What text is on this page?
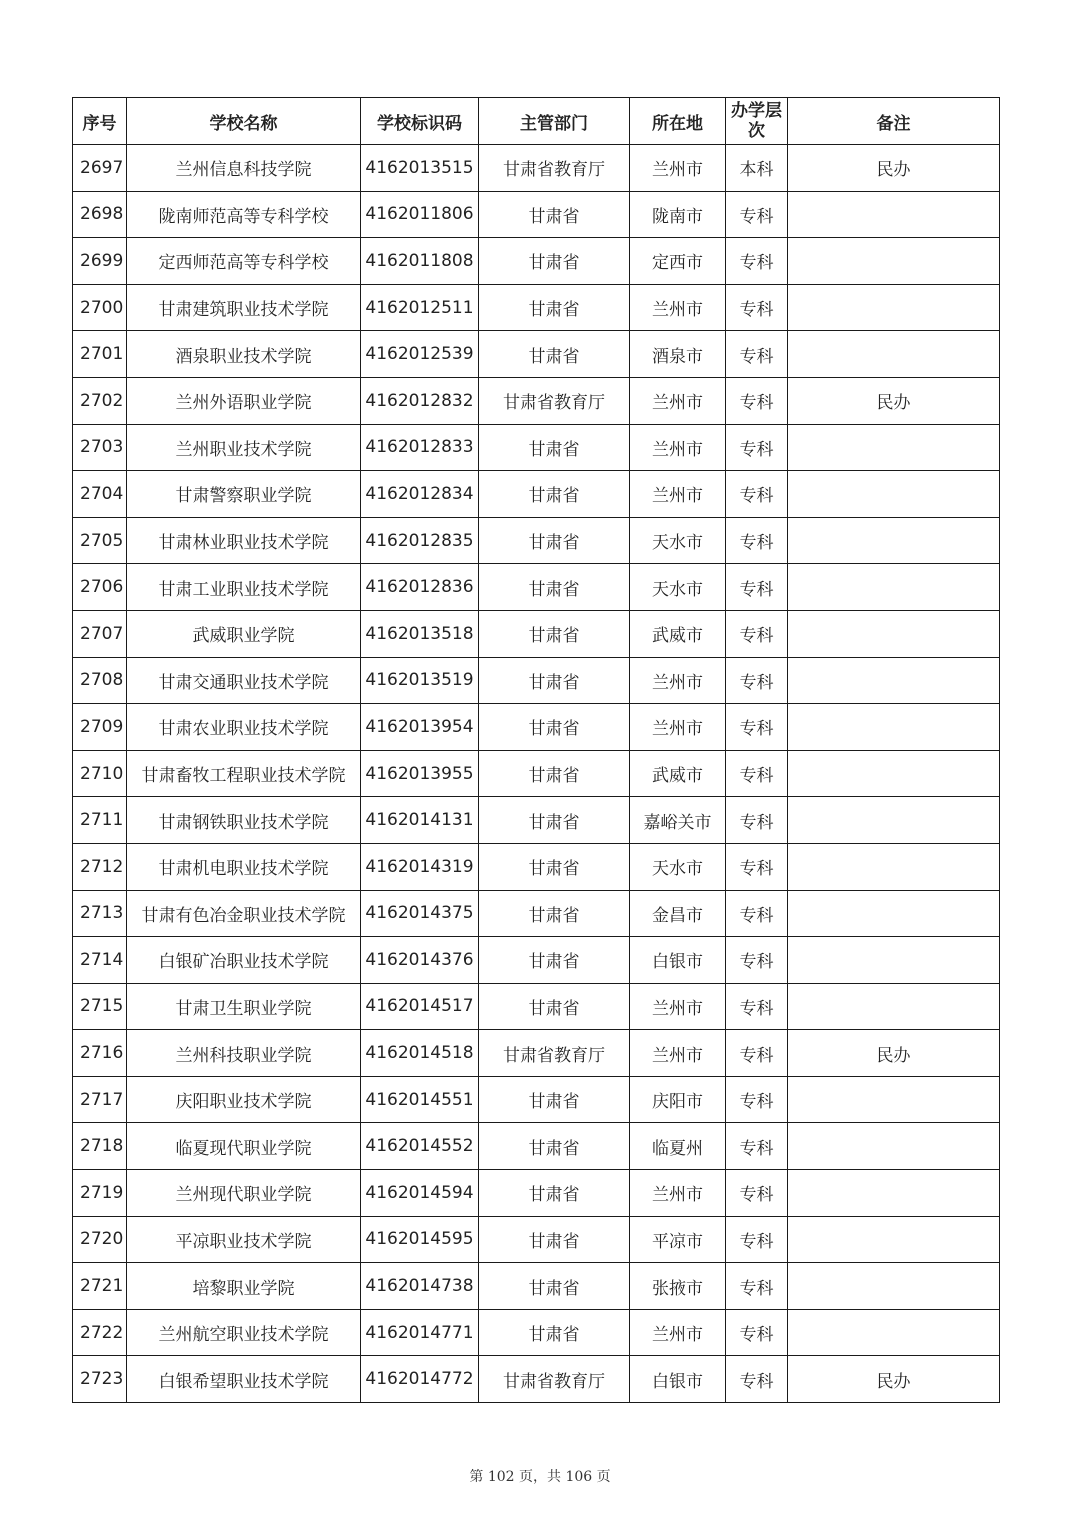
序号	学校名称	学校标识码	主管部门	所在地	办学层次	备注
2697	兰州信息科技学院	4162013515	甘肃省教育厅	兰州市	本科	民办
2698	陇南师范高等专科学校	4162011806	甘肃省	陇南市	专科	
2699	定西师范高等专科学校	4162011808	甘肃省	定西市	专科	
2700	甘肃建筑职业技术学院	4162012511	甘肃省	兰州市	专科	
2701	酒泉职业技术学院	4162012539	甘肃省	酒泉市	专科	
2702	兰州外语职业学院	4162012832	甘肃省教育厅	兰州市	专科	民办
2703	兰州职业技术学院	4162012833	甘肃省	兰州市	专科	
2704	甘肃警察职业学院	4162012834	甘肃省	兰州市	专科	
2705	甘肃林业职业技术学院	4162012835	甘肃省	天水市	专科	
2706	甘肃工业职业技术学院	4162012836	甘肃省	天水市	专科	
2707	武威职业学院	4162013518	甘肃省	武威市	专科	
2708	甘肃交通职业技术学院	4162013519	甘肃省	兰州市	专科	
2709	甘肃农业职业技术学院	4162013954	甘肃省	兰州市	专科	
2710	甘肃畜牧工程职业技术学院	4162013955	甘肃省	武威市	专科	
2711	甘肃钢铁职业技术学院	4162014131	甘肃省	嘉峪关市	专科	
2712	甘肃机电职业技术学院	4162014319	甘肃省	天水市	专科	
2713	甘肃有色冶金职业技术学院	4162014375	甘肃省	金昌市	专科	
2714	白银矿冶职业技术学院	4162014376	甘肃省	白银市	专科	
2715	甘肃卫生职业学院	4162014517	甘肃省	兰州市	专科	
2716	兰州科技职业学院	4162014518	甘肃省教育厅	兰州市	专科	民办
2717	庆阳职业技术学院	4162014551	甘肃省	庆阳市	专科	
2718	临夏现代职业学院	4162014552	甘肃省	临夏州	专科	
2719	兰州现代职业学院	4162014594	甘肃省	兰州市	专科	
2720	平凉职业技术学院	4162014595	甘肃省	平凉市	专科	
2721	培黎职业学院	4162014738	甘肃省	张掖市	专科	
2722	兰州航空职业技术学院	4162014771	甘肃省	兰州市	专科	
2723	白银希望职业技术学院	4162014772	甘肃省教育厅	白银市	专科	民办
第 102 页，共 106 页
